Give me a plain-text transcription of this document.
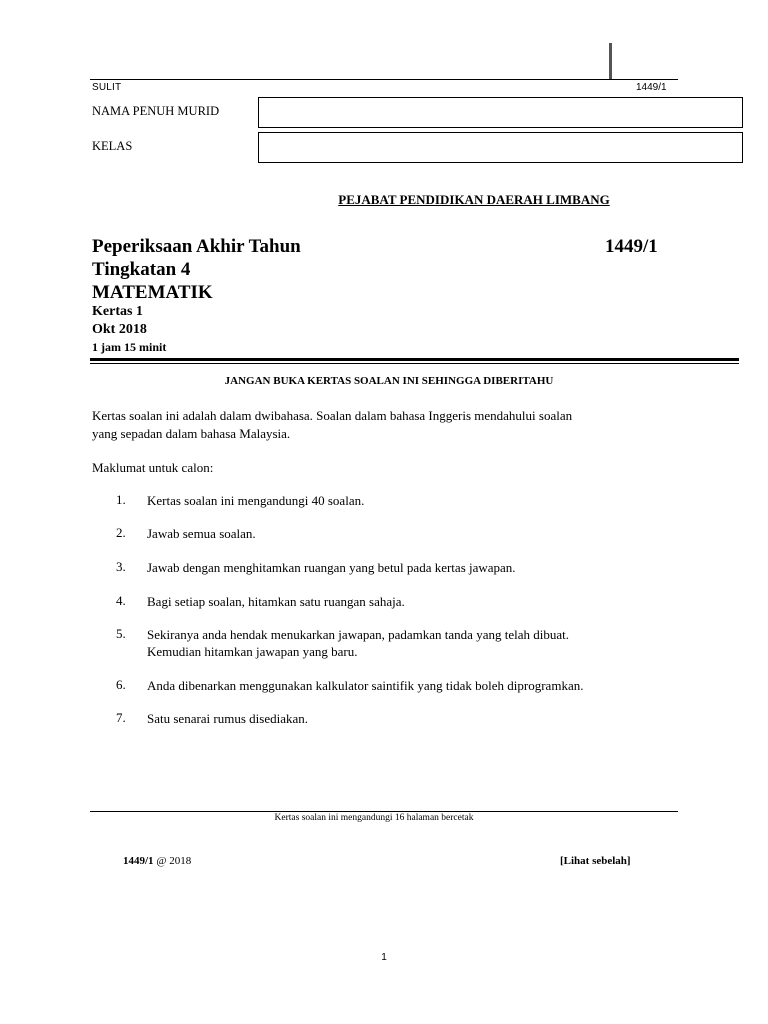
SULIT	1449/1
NAMA PENUH MURID
KELAS
PEJABAT PENDIDIKAN DAERAH LIMBANG
Peperiksaan Akhir Tahun	1449/1
Tingkatan 4
MATEMATIK
Kertas 1
Okt 2018
1 jam 15 minit
JANGAN BUKA KERTAS SOALAN INI SEHINGGA DIBERITAHU
Kertas soalan ini adalah dalam dwibahasa. Soalan dalam bahasa Inggeris mendahului soalan
yang sepadan dalam bahasa Malaysia.
Maklumat untuk calon:
1. Kertas soalan ini mengandungi 40 soalan.
2. Jawab semua soalan.
3. Jawab dengan menghitamkan ruangan yang betul pada kertas jawapan.
4. Bagi setiap soalan, hitamkan satu ruangan sahaja.
5. Sekiranya anda hendak menukarkan jawapan, padamkan tanda yang telah dibuat.
Kemudian hitamkan jawapan yang baru.
6. Anda dibenarkan menggunakan kalkulator saintifik yang tidak boleh diprogramkan.
7. Satu senarai rumus disediakan.
Kertas soalan ini mengandungi 16 halaman bercetak
1449/1 @ 2018	[Lihat sebelah]
1
